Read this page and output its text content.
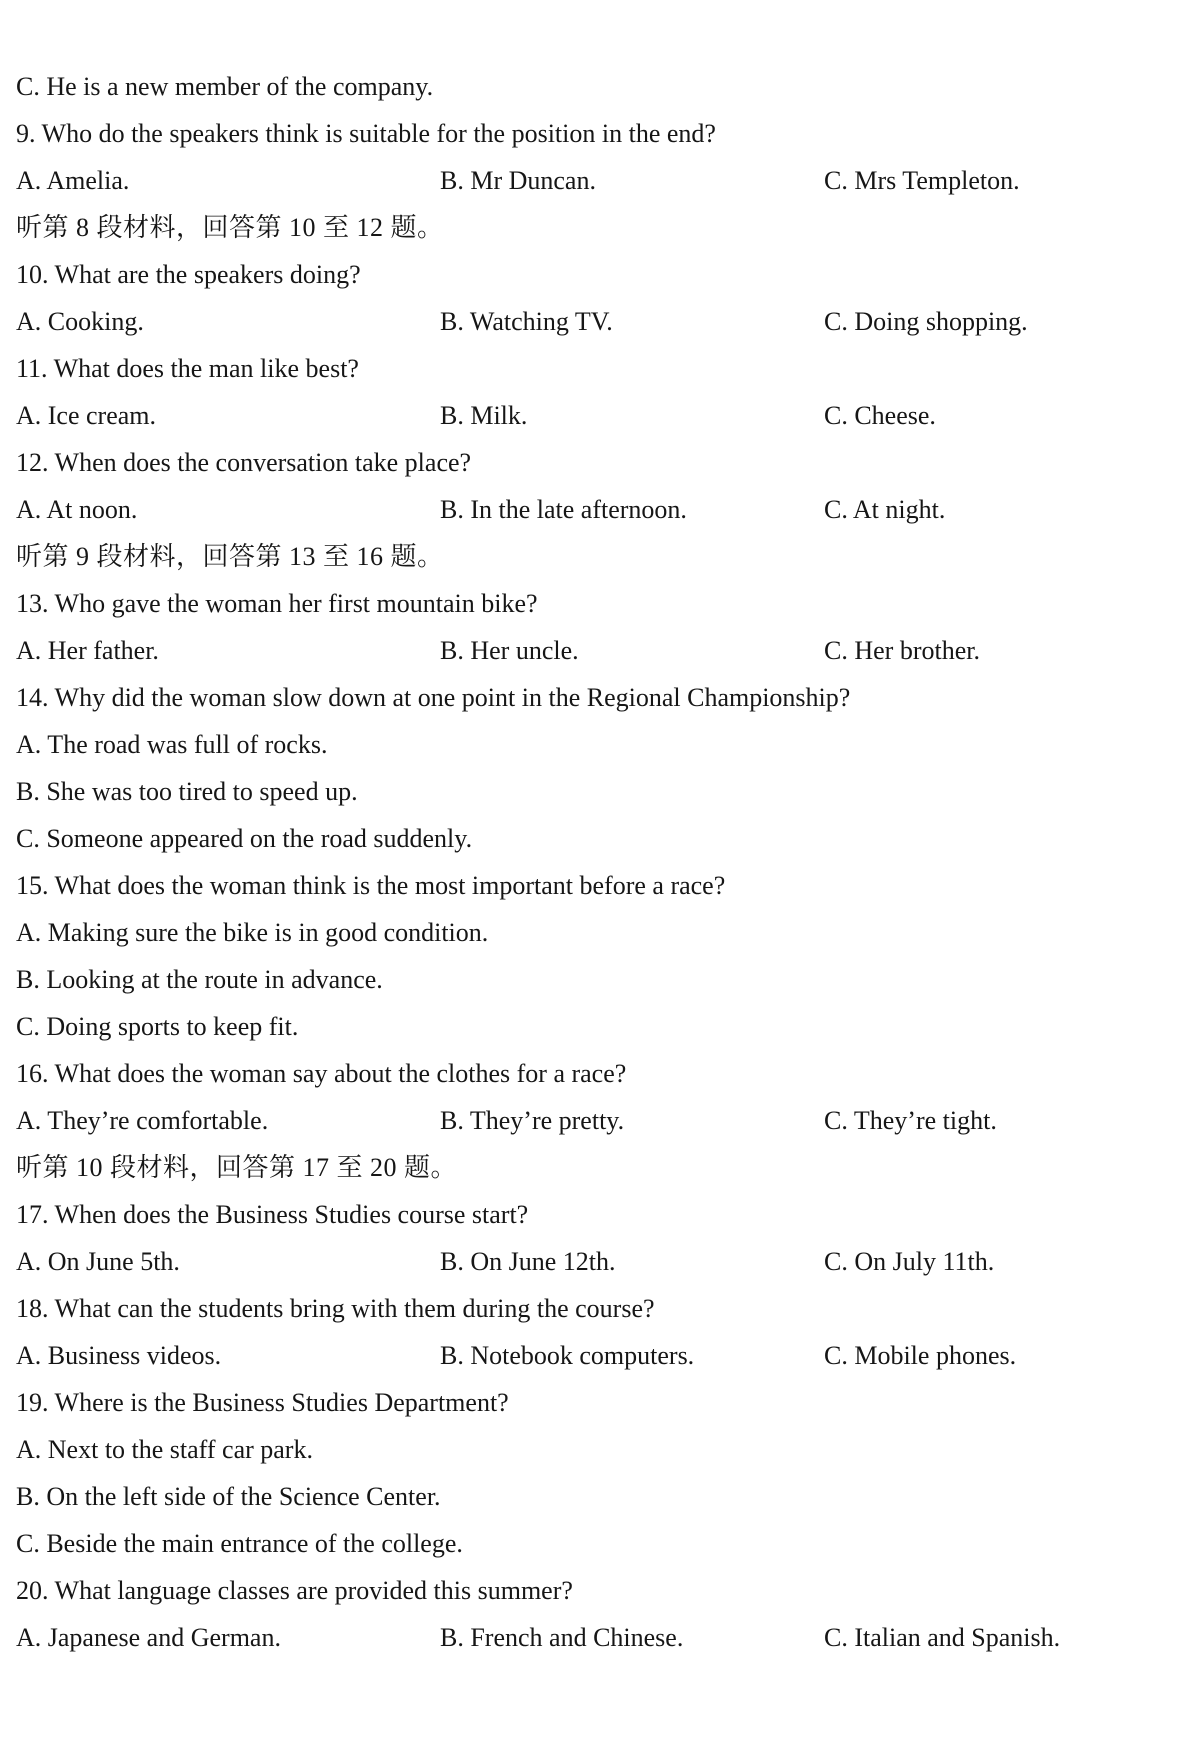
C. He is a new member of the company.
9. Who do the speakers think is suitable for the position in the end?
A. Amelia.	B. Mr Duncan.	C. Mrs Templeton.
听第 8 段材料，回答第 10 至 12 题。
10. What are the speakers doing?
A. Cooking.	B. Watching TV.	C. Doing shopping.
11. What does the man like best?
A. Ice cream.	B. Milk.	C. Cheese.
12. When does the conversation take place?
A. At noon.	B. In the late afternoon.	C. At night.
听第 9 段材料，回答第 13 至 16 题。
13. Who gave the woman her first mountain bike?
A. Her father.	B. Her uncle.	C. Her brother.
14. Why did the woman slow down at one point in the Regional Championship?
A. The road was full of rocks.
B. She was too tired to speed up.
C. Someone appeared on the road suddenly.
15. What does the woman think is the most important before a race?
A. Making sure the bike is in good condition.
B. Looking at the route in advance.
C. Doing sports to keep fit.
16. What does the woman say about the clothes for a race?
A. They’re comfortable.	B. They’re pretty.	C. They’re tight.
听第 10 段材料，回答第 17 至 20 题。
17. When does the Business Studies course start?
A. On June 5th.	B. On June 12th.	C. On July 11th.
18. What can the students bring with them during the course?
A. Business videos.	B. Notebook computers.	C. Mobile phones.
19. Where is the Business Studies Department?
A. Next to the staff car park.
B. On the left side of the Science Center.
C. Beside the main entrance of the college.
20. What language classes are provided this summer?
A. Japanese and German.	B. French and Chinese.	C. Italian and Spanish.
